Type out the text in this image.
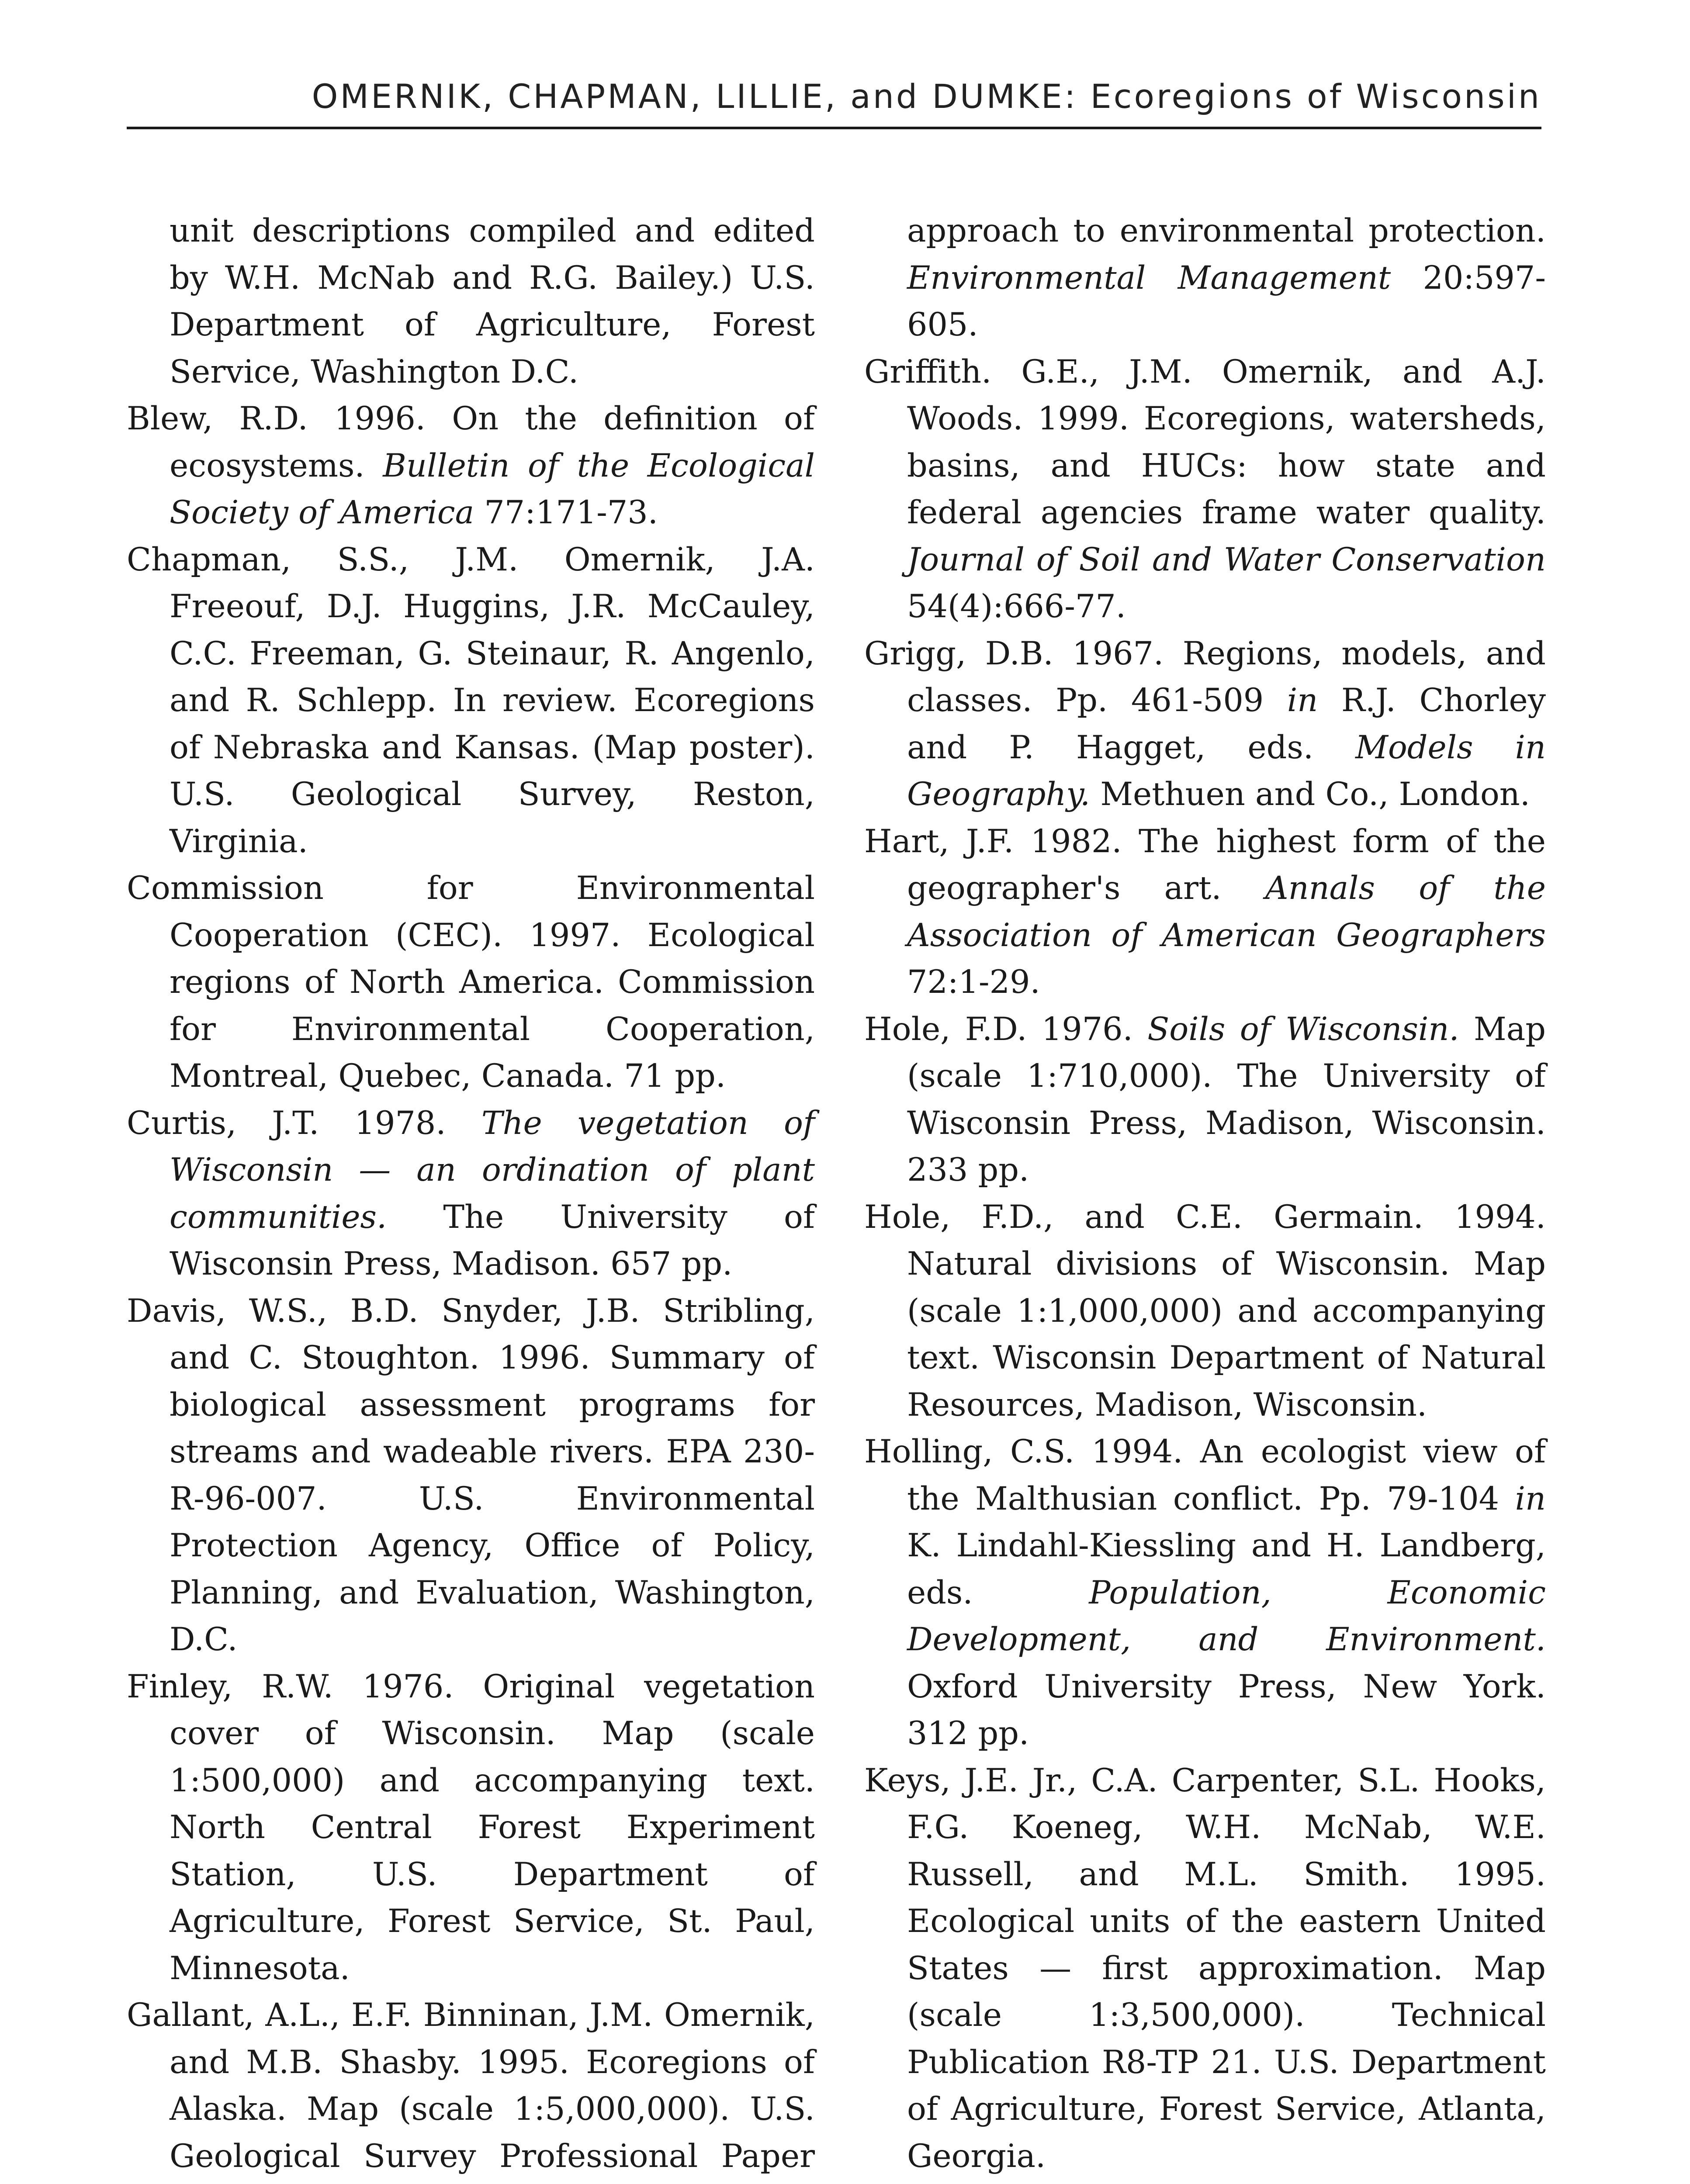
OMERNIK, CHAPMAN, LILLIE, and DUMKE: Ecoregions of Wisconsin

unit descriptions compiled and edited by W.H. McNab and R.G. Bailey.) U.S. Department of Agriculture, Forest Service, Washington D.C.

Blew, R.D. 1996. On the definition of ecosystems. Bulletin of the Ecological Society of America 77:171-73.

Chapman, S.S., J.M. Omernik, J.A. Freeouf, D.J. Huggins, J.R. McCauley, C.C. Freeman, G. Steinaur, R. Angenlo, and R. Schlepp. In review. Ecoregions of Nebraska and Kansas. (Map poster). U.S. Geological Survey, Reston, Virginia.

Commission for Environmental Cooperation (CEC). 1997. Ecological regions of North America. Commission for Environmental Cooperation, Montreal, Quebec, Canada. 71 pp.

Curtis, J.T. 1978. The vegetation of Wisconsin — an ordination of plant communities. The University of Wisconsin Press, Madison. 657 pp.

Davis, W.S., B.D. Snyder, J.B. Stribling, and C. Stoughton. 1996. Summary of biological assessment programs for streams and wadeable rivers. EPA 230-R-96-007. U.S. Environmental Protection Agency, Office of Policy, Planning, and Evaluation, Washington, D.C.

Finley, R.W. 1976. Original vegetation cover of Wisconsin. Map (scale 1:500,000) and accompanying text. North Central Forest Experiment Station, U.S. Department of Agriculture, Forest Service, St. Paul, Minnesota.

Gallant, A.L., E.F. Binninan, J.M. Omernik, and M.B. Shasby. 1995. Ecoregions of Alaska. Map (scale 1:5,000,000). U.S. Geological Survey Professional Paper

approach to environmental protection. Environmental Management 20:597-605.

Griffith. G.E., J.M. Omernik, and A.J. Woods. 1999. Ecoregions, watersheds, basins, and HUCs: how state and federal agencies frame water quality. Journal of Soil and Water Conservation 54(4):666-77.

Grigg, D.B. 1967. Regions, models, and classes. Pp. 461-509 in R.J. Chorley and P. Hagget, eds. Models in Geography. Methuen and Co., London.

Hart, J.F. 1982. The highest form of the geographer's art. Annals of the Association of American Geographers 72:1-29.

Hole, F.D. 1976. Soils of Wisconsin. Map (scale 1:710,000). The University of Wisconsin Press, Madison, Wisconsin. 233 pp.

Hole, F.D., and C.E. Germain. 1994. Natural divisions of Wisconsin. Map (scale 1:1,000,000) and accompanying text. Wisconsin Department of Natural Resources, Madison, Wisconsin.

Holling, C.S. 1994. An ecologist view of the Malthusian conflict. Pp. 79-104 in K. Lindahl-Kiessling and H. Landberg, eds. Population, Economic Development, and Environment. Oxford University Press, New York. 312 pp.

Keys, J.E. Jr., C.A. Carpenter, S.L. Hooks, F.G. Koeneg, W.H. McNab, W.E. Russell, and M.L. Smith. 1995. Ecological units of the eastern United States — first approximation. Map (scale 1:3,500,000). Technical Publication R8-TP 21. U.S. Department of Agriculture, Forest Service, Atlanta, Georgia.
